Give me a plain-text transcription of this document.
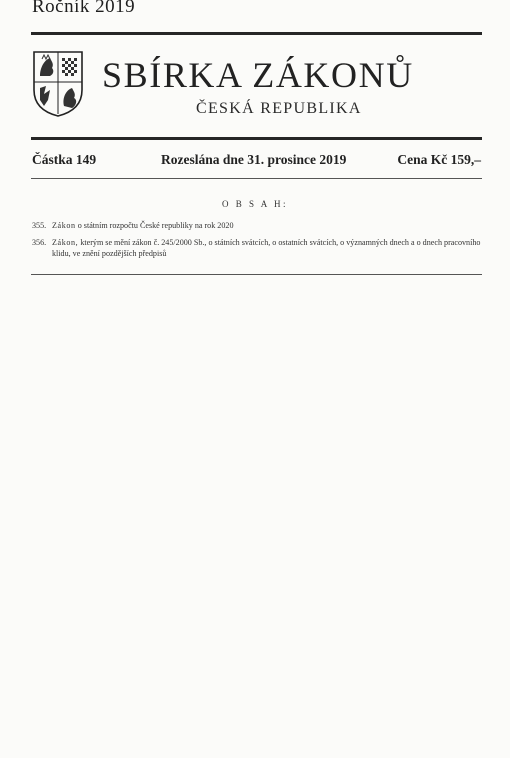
Ročník 2019
SBÍRKA ZÁKONŮ
ČESKÁ REPUBLIKA
Částka 149	Rozeslána dne 31. prosince 2019	Cena Kč 159,–
O B S A H:
355. Zákon o státním rozpočtu České republiky na rok 2020
356. Zákon, kterým se mění zákon č. 245/2000 Sb., o státních svátcích, o ostatních svátcích, o významných dnech a o dnech pracovního klidu, ve znění pozdějších předpisů
